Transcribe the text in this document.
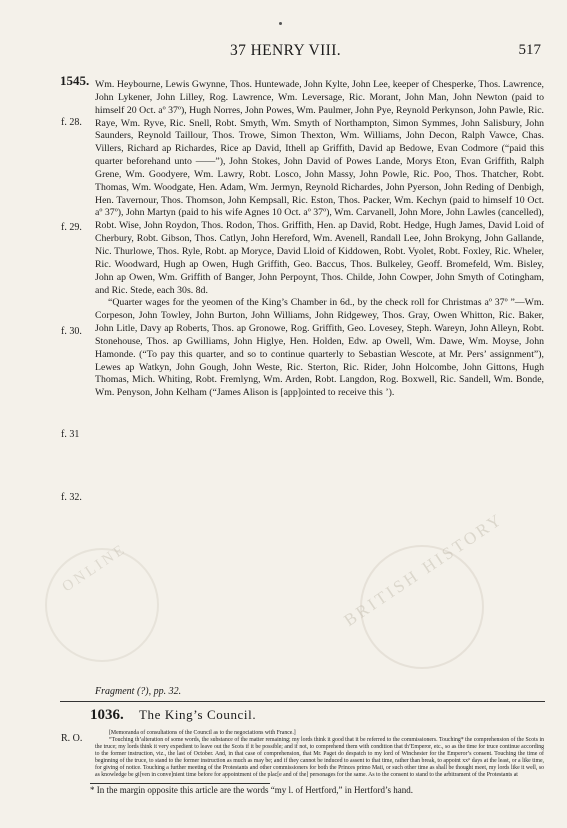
37 HENRY VIII.	517
1545.
BRITISH HISTORY
ONLINE

Wm. Heybourne, Lewis Gwynne, Thos. Huntewade, John Kylte, John Lee, keeper of Chesperke, Thos. Lawrence, John Lykener, John Lilley, Rog. Lawrence, Wm. Leversage, Ric. Morant, John Man, John Newton (paid to himself 20 Oct. aº 37º), Hugh Norres, John Powes, Wm. Paulmer, John Pye, Reynold Perkynson, John Pawle, Ric. Raye, Wm. Ryve, Ric. Snell, Robt. Smyth, Wm. Smyth of Northampton, Simon Symmes, John Salisbury, John Saunders, Reynold Taillour, Thos. Trowe, Simon Thexton, Wm. Williams, John Decon, Ralph Vawce, Chas. Villers, Richard ap Richardes, Rice ap David, Ithell ap Griffith, David ap Bedowe, Evan Codmore (“paid this quarter beforehand unto ——”), John Stokes, John David of Powes Lande, Morys Eton, Evan Griffith, Ralph Grene, Wm. Goodyere, Wm. Lawry, Robt. Losco, John Massy, John Powle, Ric. Poo, Thos. Thatcher, Robt. Thomas, Wm. Woodgate, Hen. Adam, Wm. Jermyn, Reynold Richardes, John Pyerson, John Reding of Denbigh, Hen. Tavernour, Thos. Thomson, John Kempsall, Ric. Eston, Thos. Packer, Wm. Kechyn (paid to himself 10 Oct. aº 37º), John Martyn (paid to his wife Agnes 10 Oct. aº 37º), Wm. Carvanell, John More, John Lawles (cancelled), Robt. Wise, John Roydon, Thos. Rodon, Thos. Griffith, Hen. ap David, Robt. Hedge, Hugh James, David Loid of Cherbury, Robt. Gibson, Thos. Catlyn, John Hereford, Wm. Avenell, Randall Lee, John Brokyng, John Gallande, Nic. Thurlowe, Thos. Ryle, Robt. ap Moryce, David Lloid of Kiddowen, Robt. Vyolet, Robt. Foxley, Ric. Wheler, Ric. Woodward, Hugh ap Owen, Hugh Griffith, Geo. Baccus, Thos. Bulkeley, Geoff. Bromefeld, Wm. Bisley, John ap Owen, Wm. Griffith of Banger, John Perpoynt, Thos. Childe, John Cowper, John Smyth of Cotingham, and Ric. Stede, each 30s. 8d.

“Quarter wages for the yeomen of the King’s Chamber in 6d., by the check roll for Christmas aº 37º ”—Wm. Corpeson, John Towley, John Burton, John Williams, John Ridgewey, Thos. Gray, Owen Whitton, Ric. Baker, John Litle, Davy ap Roberts, Thos. ap Gronowe, Rog. Griffith, Geo. Lovesey, Steph. Wareyn, John Alleyn, Robt. Stonehouse, Thos. ap Gwilliams, John Higlye, Hen. Holden, Edw. ap Owell, Wm. Dawe, Wm. Moyse, John Hamonde. (“To pay this quarter, and so to continue quarterly to Sebastian Wescote, at Mr. Pers’ assignment”), Lewes ap Watkyn, John Gough, John Weste, Ric. Sterton, Ric. Rider, John Holcombe, John Gittons, Hugh Thomas, Mich. Whiting, Robt. Fremlyng, Wm. Arden, Robt. Langdon, Rog. Boxwell, Ric. Sandell, Wm. Bonde, Wm. Penyson, John Kelham (“James Alison is [app]ointed to receive this ’).

f. 28.
f. 29.
f. 30.
f. 31
f. 32.
Fragment (?), pp. 32.
1036. The King’s Council.
R. O.	[Memoranda of consultations of the Council as to the negociations with France.]

“Touching th’alteration of some words, the substance of the matter remaining; my lords think it good that it be referred to the commissioners. Touching* the comprehension of the Scots in the truce; my lords think it very expedient to leave out the Scots if it be possible; and if not, to comprehend them with condition that th’Emperor, etc., so as the time for truce continue according to the former instruction, viz., the last of October. And, in that case of comprehension, that Mr. Paget do despatch to my lord of Winchester for the Emperor’s consent. Touching the time of beginning of the truce, to stand to the former instruction as much as may be; and if they cannot be induced to assent to that time, rather than break, to appoint xxᵗⁱ days at the least, or a like time, for giving of notice. Touching a further meeting of the Protestants and other commissioners for both the Princes primo Maii, or such other time as shall be thought meet, my lords like it well, so as knowledge be gi[ven in conve]nient time before for appointment of the plac[e and of the] personages for the same. As to the consent to stand to the arbitrament of the Protestants at

* In the margin opposite this article are the words “my l. of Hertford,” in Hertford’s hand.
